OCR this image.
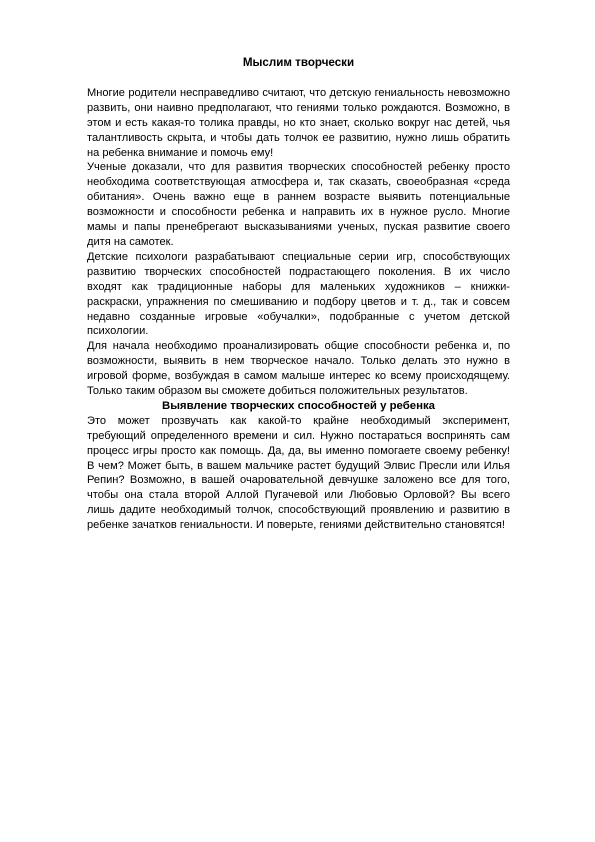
Мыслим творчески

Многие родители несправедливо считают, что детскую гениальность невозможно развить, они наивно предполагают, что гениями только рождаются. Возможно, в этом и есть какая-то толика правды, но кто знает, сколько вокруг нас детей, чья талантливость скрыта, и чтобы дать толчок ее развитию, нужно лишь обратить на ребенка внимание и помочь ему!

Ученые доказали, что для развития творческих способностей ребенку просто необходима соответствующая атмосфера и, так сказать, своеобразная «среда обитания». Очень важно еще в раннем возрасте выявить потенциальные возможности и способности ребенка и направить их в нужное русло. Многие мамы и папы пренебрегают высказываниями ученых, пуская развитие своего дитя на самотек.

Детские психологи разрабатывают специальные серии игр, способствующих развитию творческих способностей подрастающего поколения. В их число входят как традиционные наборы для маленьких художников – книжки-раскраски, упражнения по смешиванию и подбору цветов и т. д., так и совсем недавно созданные игровые «обучалки», подобранные с учетом детской психологии.

Для начала необходимо проанализировать общие способности ребенка и, по возможности, выявить в нем творческое начало. Только делать это нужно в игровой форме, возбуждая в самом малыше интерес ко всему происходящему. Только таким образом вы сможете добиться положительных результатов.

Выявление творческих способностей у ребенка

Это может прозвучать как какой-то крайне необходимый эксперимент, требующий определенного времени и сил. Нужно постараться воспринять сам процесс игры просто как помощь. Да, да, вы именно помогаете своему ребенку! В чем? Может быть, в вашем мальчике растет будущий Элвис Пресли или Илья Репин? Возможно, в вашей очаровательной девчушке заложено все для того, чтобы она стала второй Аллой Пугачевой или Любовью Орловой? Вы всего лишь дадите необходимый толчок, способствующий проявлению и развитию в ребенке зачатков гениальности. И поверьте, гениями действительно становятся!
